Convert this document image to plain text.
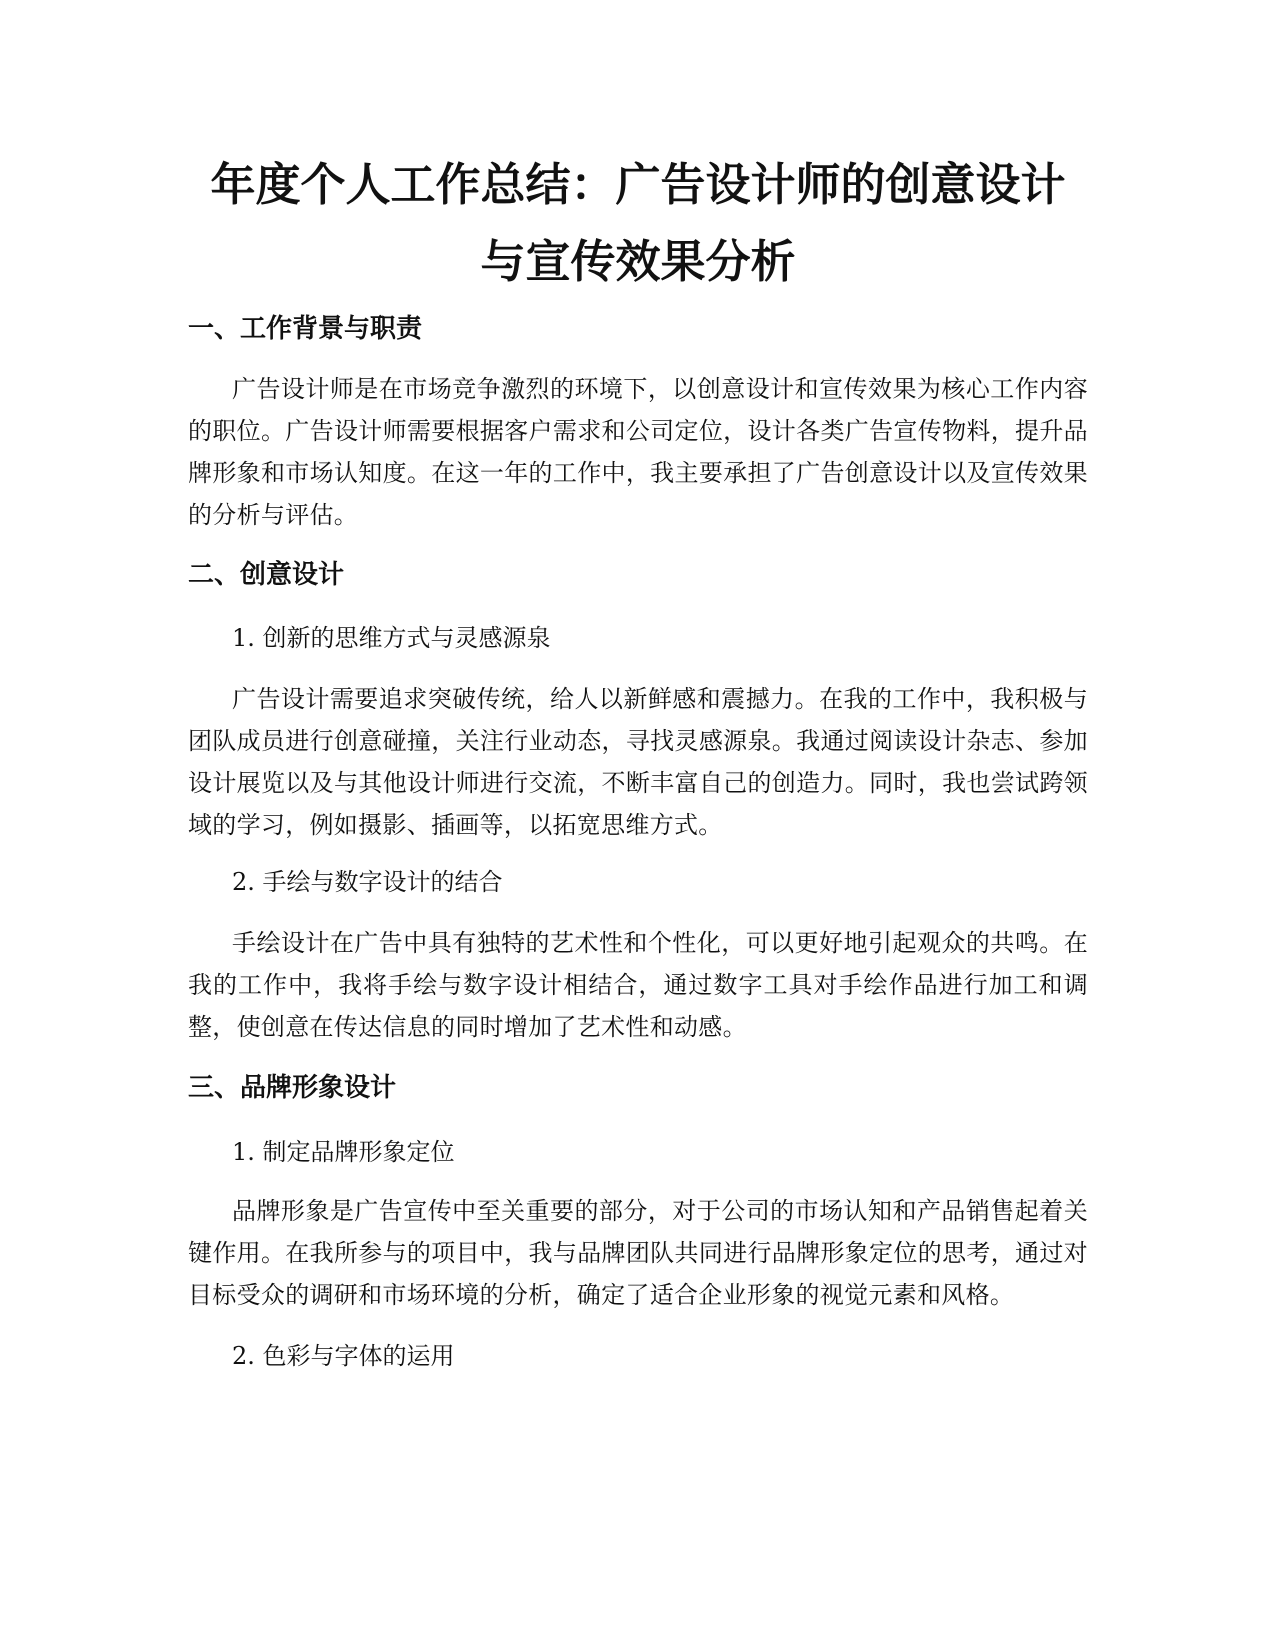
年度个人工作总结：广告设计师的创意设计
与宣传效果分析
一、工作背景与职责

广告设计师是在市场竞争激烈的环境下，以创意设计和宣传效果为核心工作内容的职位。广告设计师需要根据客户需求和公司定位，设计各类广告宣传物料，提升品牌形象和市场认知度。在这一年的工作中，我主要承担了广告创意设计以及宣传效果的分析与评估。

二、创意设计
1. 创新的思维方式与灵感源泉

广告设计需要追求突破传统，给人以新鲜感和震撼力。在我的工作中，我积极与团队成员进行创意碰撞，关注行业动态，寻找灵感源泉。我通过阅读设计杂志、参加设计展览以及与其他设计师进行交流，不断丰富自己的创造力。同时，我也尝试跨领域的学习，例如摄影、插画等，以拓宽思维方式。

2. 手绘与数字设计的结合

手绘设计在广告中具有独特的艺术性和个性化，可以更好地引起观众的共鸣。在我的工作中，我将手绘与数字设计相结合，通过数字工具对手绘作品进行加工和调整，使创意在传达信息的同时增加了艺术性和动感。

三、品牌形象设计
1. 制定品牌形象定位

品牌形象是广告宣传中至关重要的部分，对于公司的市场认知和产品销售起着关键作用。在我所参与的项目中，我与品牌团队共同进行品牌形象定位的思考，通过对目标受众的调研和市场环境的分析，确定了适合企业形象的视觉元素和风格。

2. 色彩与字体的运用
